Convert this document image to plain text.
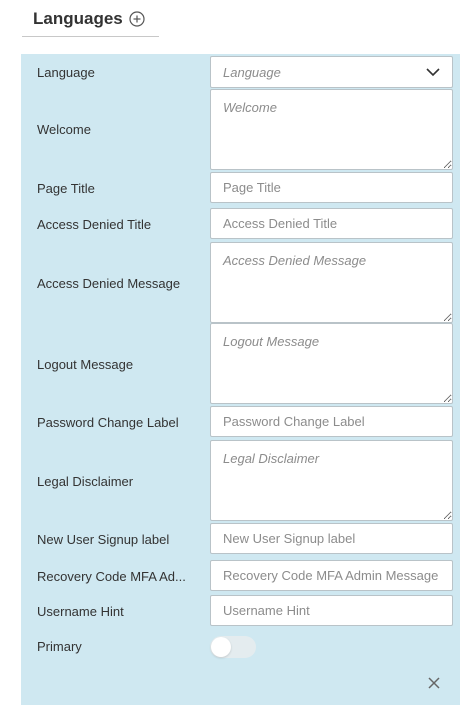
Languages
Language	Language
Welcome
Welcome
Page Title
Page Title
Access Denied Title
Access Denied Title
Access Denied Message
Access Denied Message
Logout Message
Logout Message
Password Change Label
Password Change Label
Legal Disclaimer
Legal Disclaimer
New User Signup label
New User Signup label
Recovery Code MFA Ad...
Recovery Code MFA Admin Message
Username Hint
Username Hint
Primary
